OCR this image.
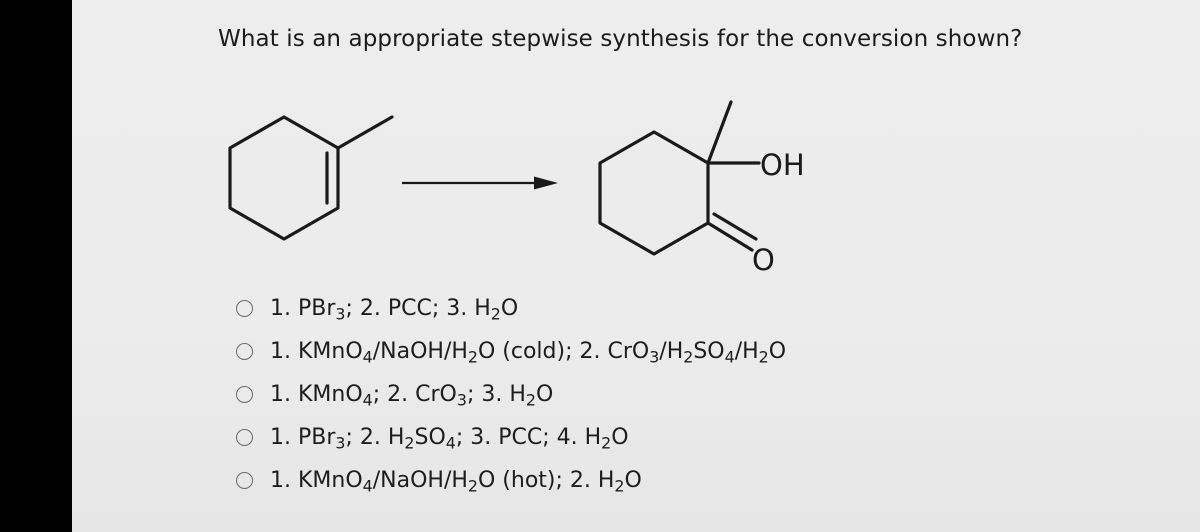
What is an appropriate stepwise synthesis for the conversion shown?
OH
O
1. PBr$_3$; 2. PCC; 3. $H_2O$
1. $KMnO_4/NaOH/H_2O$ (cold); 2. $CrO_3/H_2SO_4/H_2O$
1. KMnO$_4$; 2. CrO$_3$; 3. $H_2O$
1. PBr$_3$; 2. $H_2SO_4$; 3. PCC; 4. $H_2O$
1. $KMnO_4/NaOH/H_2O$ (hot); 2. $H_2O$
